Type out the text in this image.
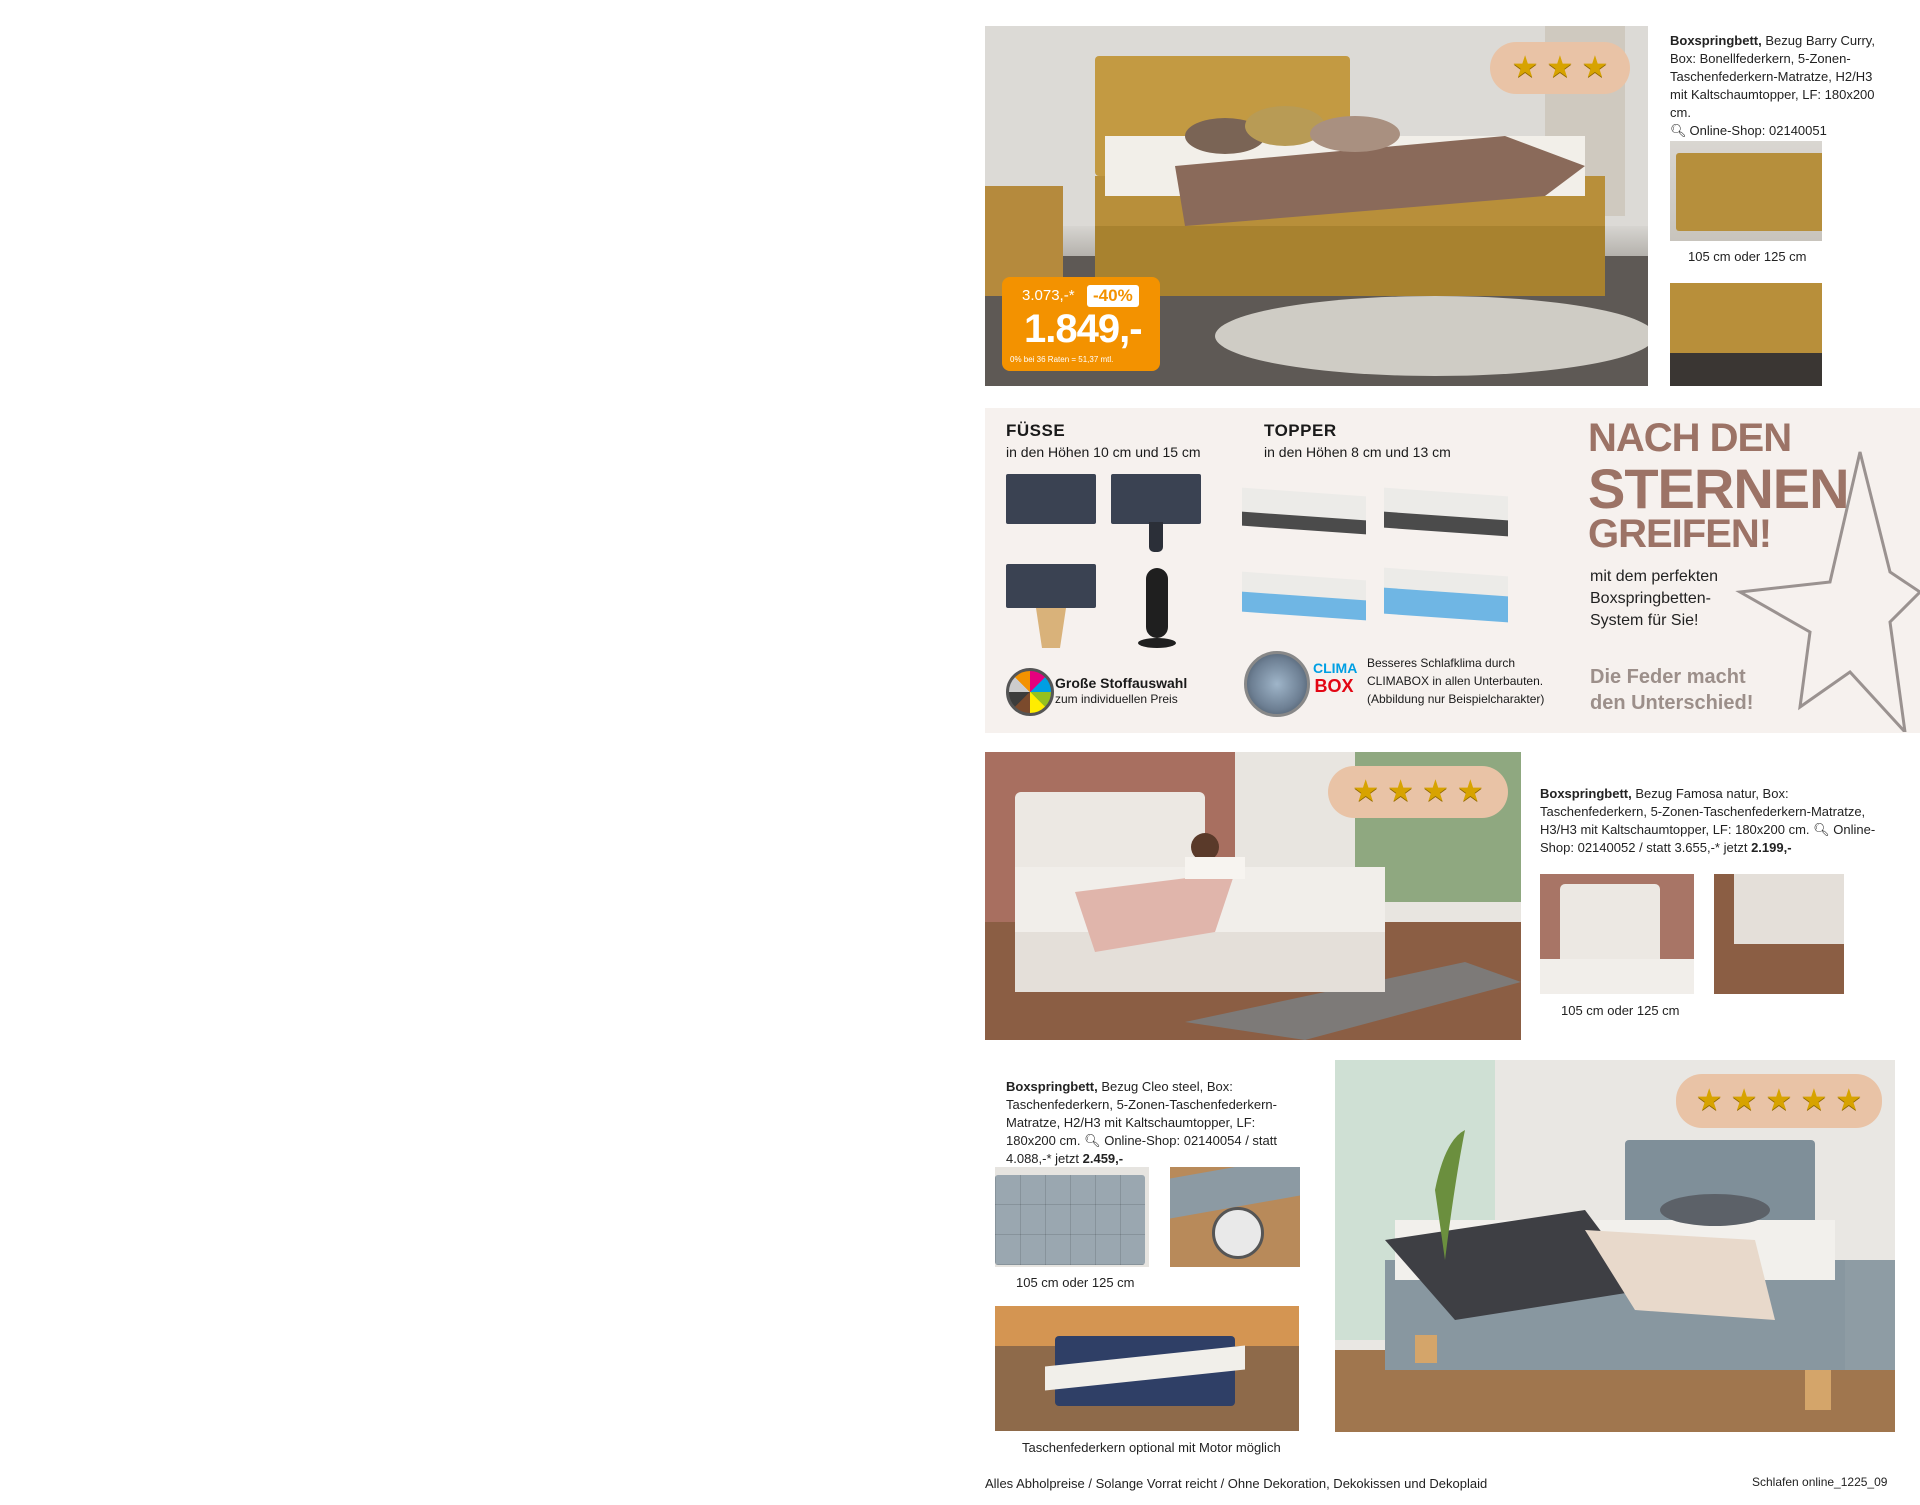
★ ★ ★
3.073,-*	-40%
1.849,-
0% bei 36 Raten = 51,37 mtl.
Boxspringbett, Bezug Barry Curry, Box: Bonellfederkern, 5-Zonen-Taschenfederkern-Matratze, H2/H3 mit Kaltschaumtopper, LF: 180x200 cm.
🔍︎ Online-Shop: 02140051
105 cm oder 125 cm
FÜSSE
in den Höhen 10 cm und 15 cm
Große Stoffauswahl
zum individuellen Preis
TOPPER
in den Höhen 8 cm und 13 cm
CLIMA
BOX
Besseres Schlafklima durch CLIMABOX in allen Unterbauten. (Abbildung nur Beispielcharakter)
NACH DEN
STERNEN
GREIFEN!
mit dem perfekten Boxspringbetten-System für Sie!
Die Feder macht den Unterschied!
★ ★ ★ ★	Boxspringbett, Bezug Famosa natur, Box: Taschenfederkern, 5-Zonen-Taschenfederkern-Matratze, H3/H3 mit Kaltschaumtopper, LF: 180x200 cm. 🔍︎ Online-Shop: 02140052 / statt 3.655,-* jetzt 2.199,-
105 cm oder 125 cm
Boxspringbett, Bezug Cleo steel, Box: Taschenfederkern, 5-Zonen-Taschenfederkern-Matratze, H2/H3 mit Kaltschaumtopper, LF: 180x200 cm. 🔍︎ Online-Shop: 02140054 / statt 4.088,-* jetzt 2.459,-
105 cm oder 125 cm
Taschenfederkern optional mit Motor möglich
★ ★ ★ ★ ★
Alles Abholpreise / Solange Vorrat reicht / Ohne Dekoration, Dekokissen und Dekoplaid	Schlafen online_1225_09
